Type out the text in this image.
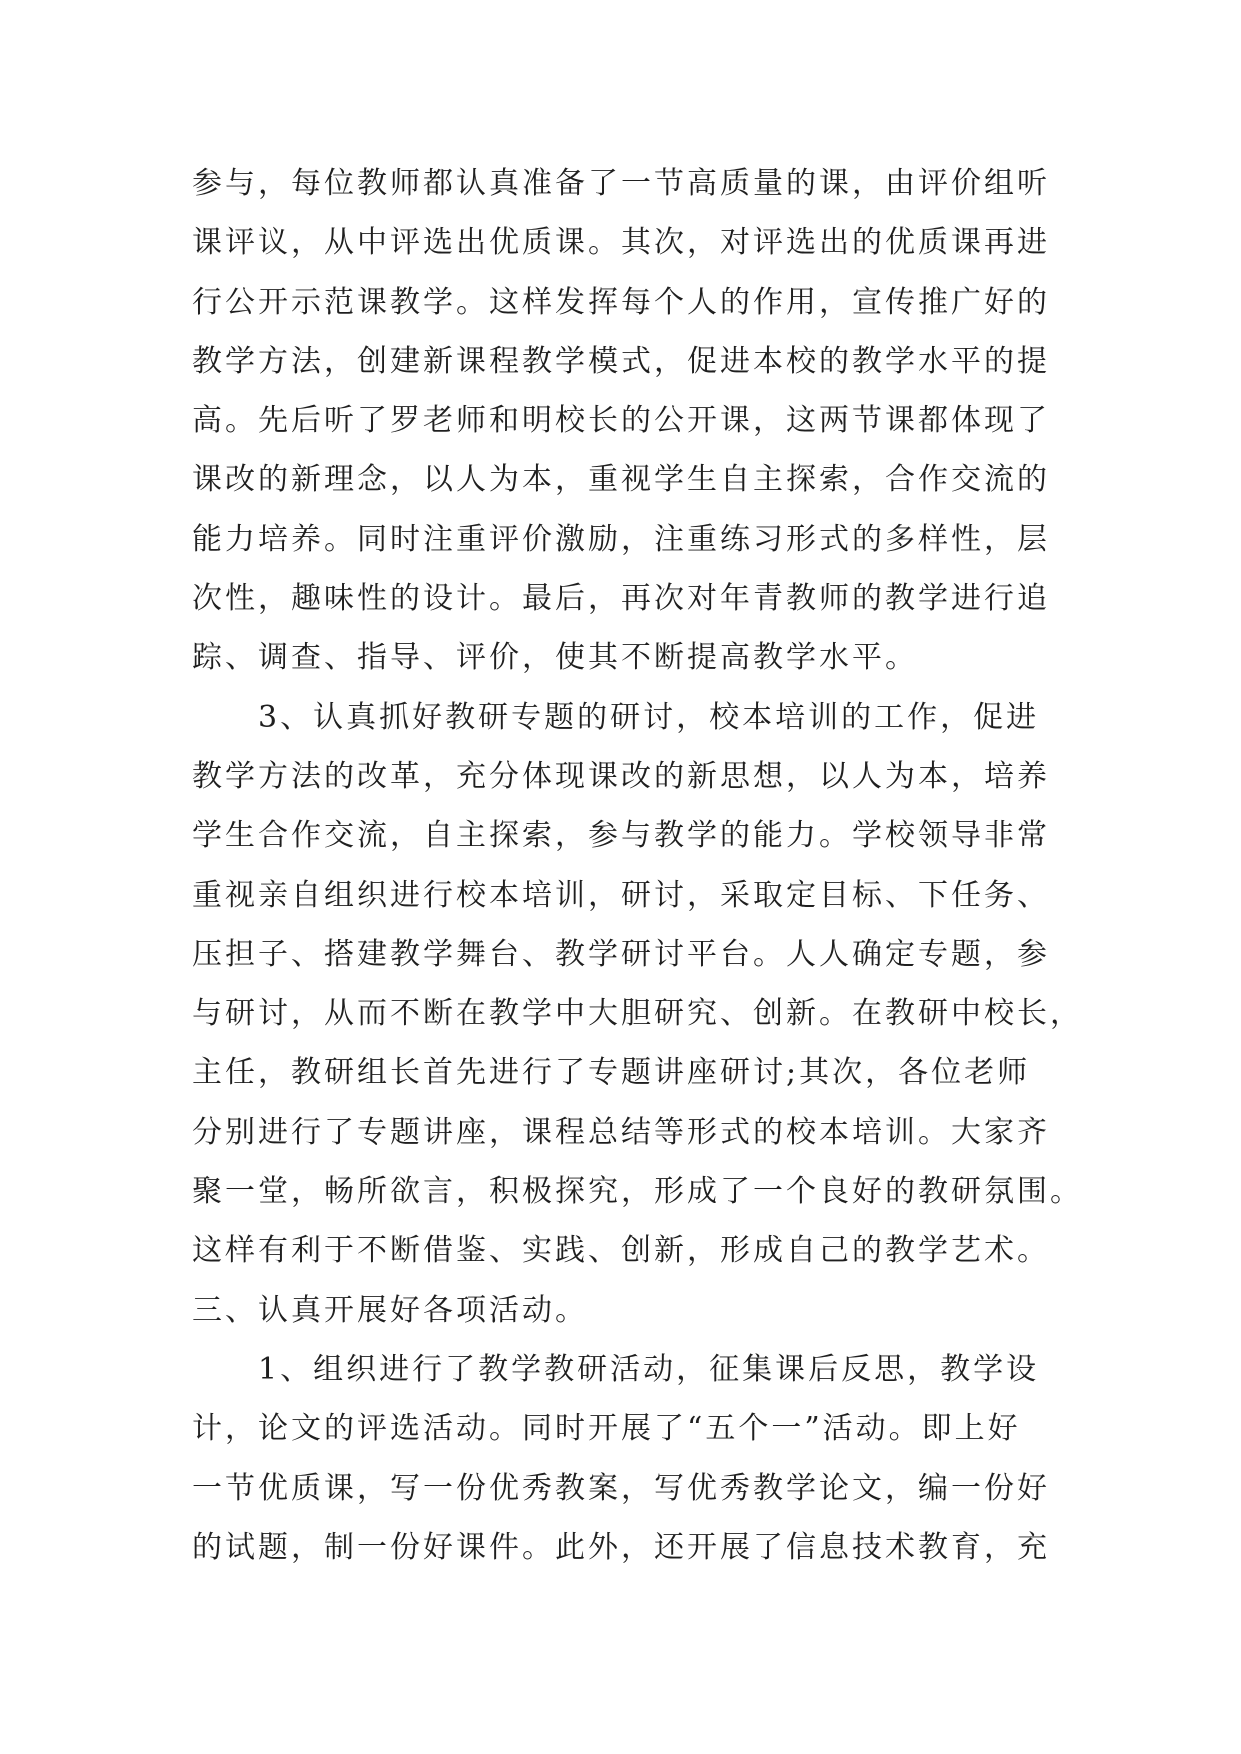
参与，每位教师都认真准备了一节高质量的课，由评价组听
课评议，从中评选出优质课。其次，对评选出的优质课再进
行公开示范课教学。这样发挥每个人的作用，宣传推广好的
教学方法，创建新课程教学模式，促进本校的教学水平的提
高。先后听了罗老师和明校长的公开课，这两节课都体现了
课改的新理念，以人为本，重视学生自主探索，合作交流的
能力培养。同时注重评价激励，注重练习形式的多样性，层
次性，趣味性的设计。最后，再次对年青教师的教学进行追
踪、调查、指导、评价，使其不断提高教学水平。
3、认真抓好教研专题的研讨，校本培训的工作，促进
教学方法的改革，充分体现课改的新思想，以人为本，培养
学生合作交流，自主探索，参与教学的能力。学校领导非常
重视亲自组织进行校本培训，研讨，采取定目标、下任务、
压担子、搭建教学舞台、教学研讨平台。人人确定专题，参
与研讨，从而不断在教学中大胆研究、创新。在教研中校长，
主任，教研组长首先进行了专题讲座研讨;其次，各位老师
分别进行了专题讲座，课程总结等形式的校本培训。大家齐
聚一堂，畅所欲言，积极探究，形成了一个良好的教研氛围。
这样有利于不断借鉴、实践、创新，形成自己的教学艺术。
三、认真开展好各项活动。
1、组织进行了教学教研活动，征集课后反思，教学设
计，论文的评选活动。同时开展了“五个一”活动。即上好
一节优质课，写一份优秀教案，写优秀教学论文，编一份好
的试题，制一份好课件。此外，还开展了信息技术教育，充
